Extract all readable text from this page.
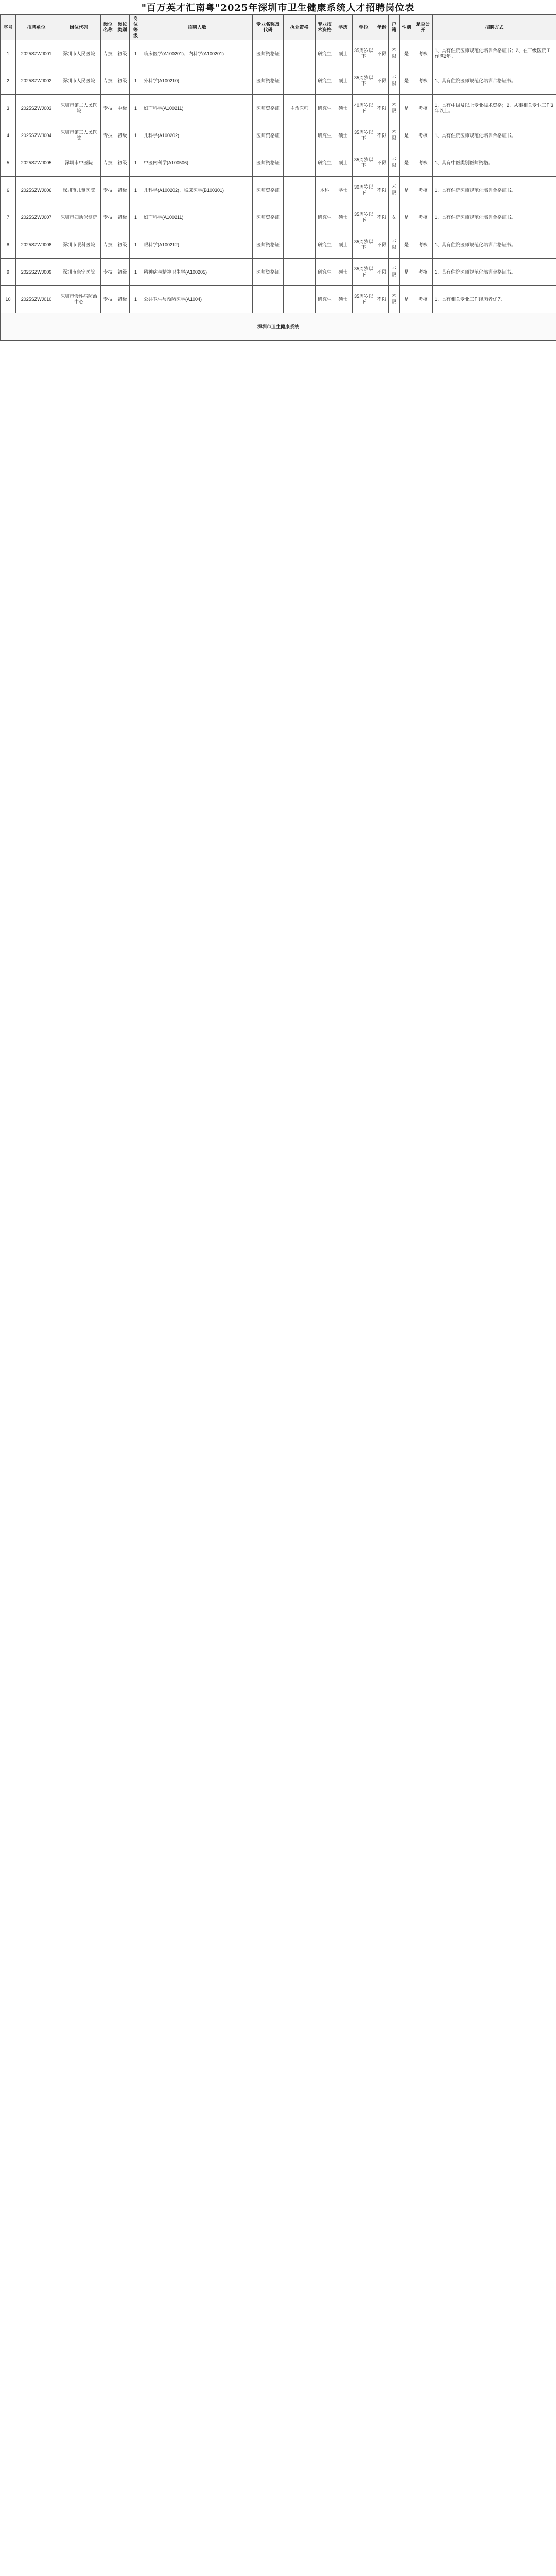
"百万英才汇南粤"2025年深圳市卫生健康系统人才招聘岗位表
序号	招聘单位	岗位代码	岗位名称	岗位类别	岗位等级	招聘人数	专业名称及代码	执业资格	专业技术资格	学历	学位	年龄	户籍	性别	是否公开	招聘方式	
1	2025SZWJ001	深圳市人民医院	专技	初级	1	临床医学(A100201)、内科学(A100201)	医师资格证		研究生	硕士	35周岁以下	不限	不限	是	考核	1、具有住院医师规范化培训合格证书；2、在三级医院工作满2年。	
2	2025SZWJ002	深圳市人民医院	专技	初级	1	外科学(A100210)	医师资格证		研究生	硕士	35周岁以下	不限	不限	是	考核	1、具有住院医师规范化培训合格证书。	
3	2025SZWJ003	深圳市第二人民医院	专技	中级	1	妇产科学(A100211)	医师资格证	主治医师	研究生	硕士	40周岁以下	不限	不限	是	考核	1、具有中级及以上专业技术资格；2、从事相关专业工作3年以上。	
4	2025SZWJ004	深圳市第三人民医院	专技	初级	1	儿科学(A100202)	医师资格证		研究生	硕士	35周岁以下	不限	不限	是	考核	1、具有住院医师规范化培训合格证书。	
5	2025SZWJ005	深圳市中医院	专技	初级	1	中医内科学(A100506)	医师资格证		研究生	硕士	35周岁以下	不限	不限	是	考核	1、具有中医类别医师资格。	
6	2025SZWJ006	深圳市儿童医院	专技	初级	1	儿科学(A100202)、临床医学(B100301)	医师资格证		本科	学士	30周岁以下	不限	不限	是	考核	1、具有住院医师规范化培训合格证书。	
7	2025SZWJ007	深圳市妇幼保健院	专技	初级	1	妇产科学(A100211)	医师资格证		研究生	硕士	35周岁以下	不限	女	是	考核	1、具有住院医师规范化培训合格证书。	
8	2025SZWJ008	深圳市眼科医院	专技	初级	1	眼科学(A100212)	医师资格证		研究生	硕士	35周岁以下	不限	不限	是	考核	1、具有住院医师规范化培训合格证书。	
9	2025SZWJ009	深圳市康宁医院	专技	初级	1	精神病与精神卫生学(A100205)	医师资格证		研究生	硕士	35周岁以下	不限	不限	是	考核	1、具有住院医师规范化培训合格证书。	
10	2025SZWJ010	深圳市慢性病防治中心	专技	初级	1	公共卫生与预防医学(A1004)			研究生	硕士	35周岁以下	不限	不限	是	考核	1、具有相关专业工作经历者优先。	
深圳市卫生健康系统																	
